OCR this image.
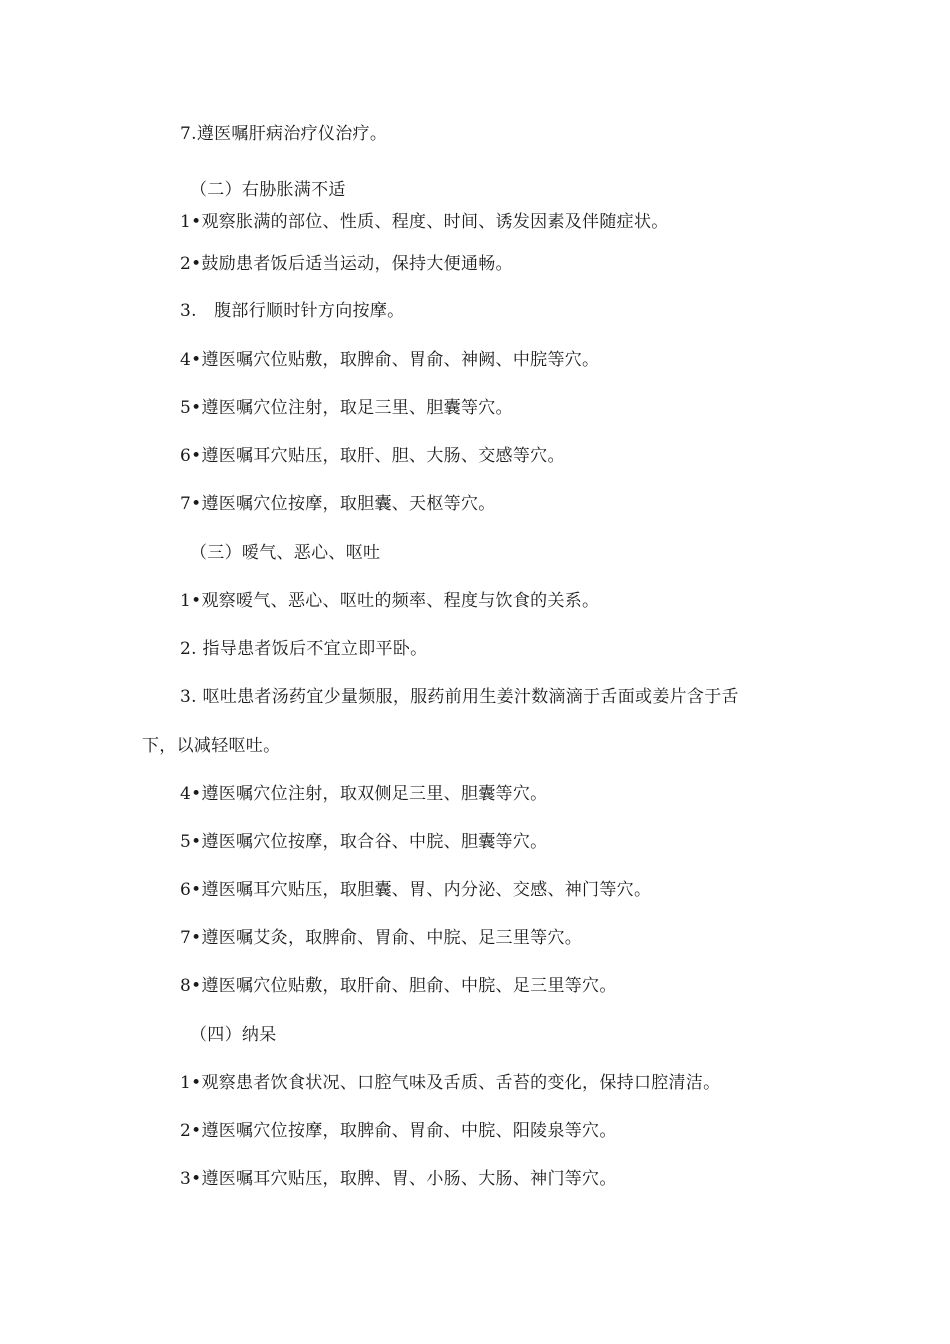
7.遵医嘱肝病治疗仪治疗。
（二）右胁胀满不适
1•观察胀满的部位、性质、程度、时间、诱发因素及伴随症状。
2•鼓励患者饭后适当运动，保持大便通畅。
3.　腹部行顺时针方向按摩。
4•遵医嘱穴位贴敷，取脾俞、胃俞、神阙、中脘等穴。
5•遵医嘱穴位注射，取足三里、胆囊等穴。
6•遵医嘱耳穴贴压，取肝、胆、大肠、交感等穴。
7•遵医嘱穴位按摩，取胆囊、天枢等穴。
（三）嗳气、恶心、呕吐
1•观察嗳气、恶心、呕吐的频率、程度与饮食的关系。
2. 指导患者饭后不宜立即平卧。
3. 呕吐患者汤药宜少量频服，服药前用生姜汁数滴滴于舌面或姜片含于舌
下，以减轻呕吐。
4•遵医嘱穴位注射，取双侧足三里、胆囊等穴。
5•遵医嘱穴位按摩，取合谷、中脘、胆囊等穴。
6•遵医嘱耳穴贴压，取胆囊、胃、内分泌、交感、神门等穴。
7•遵医嘱艾灸，取脾俞、胃俞、中脘、足三里等穴。
8•遵医嘱穴位贴敷，取肝俞、胆俞、中脘、足三里等穴。
（四）纳呆
1•观察患者饮食状况、口腔气味及舌质、舌苔的变化，保持口腔清洁。
2•遵医嘱穴位按摩，取脾俞、胃俞、中脘、阳陵泉等穴。
3•遵医嘱耳穴贴压，取脾、胃、小肠、大肠、神门等穴。
